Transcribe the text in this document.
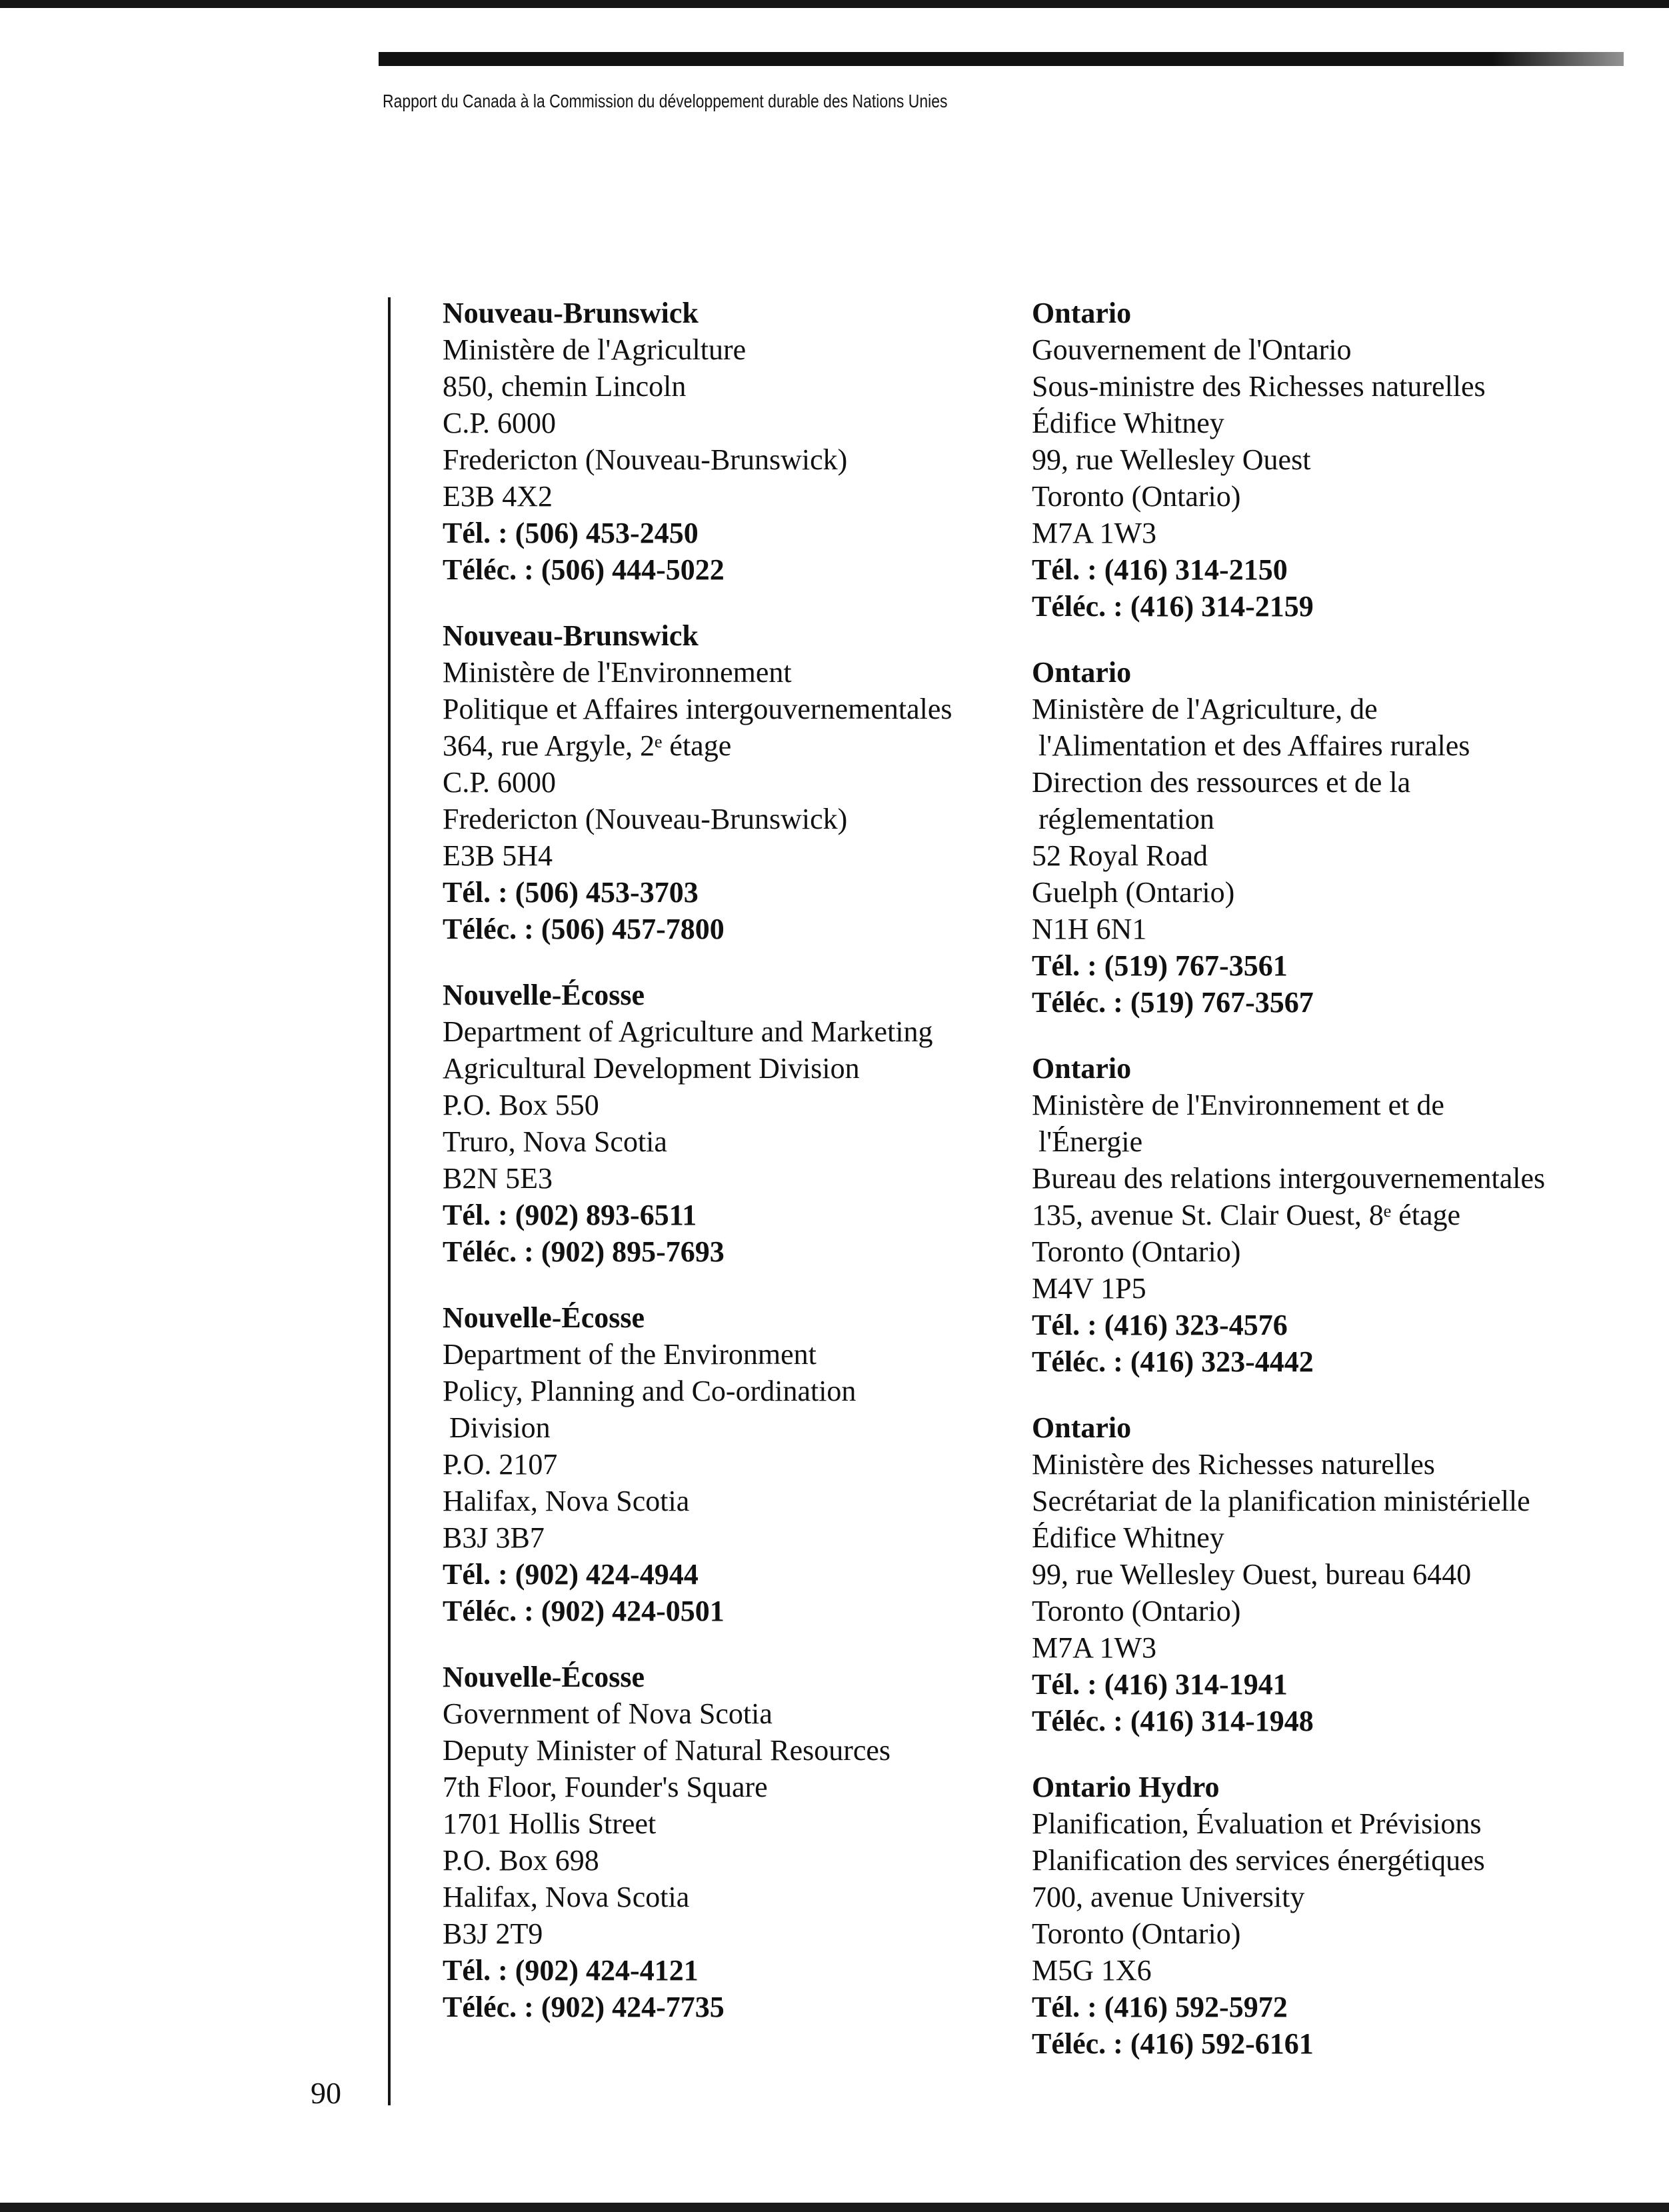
Rapport du Canada à la Commission du développement durable des Nations Unies
Nouveau-Brunswick
Ministère de l'Agriculture
850, chemin Lincoln
C.P. 6000
Fredericton (Nouveau-Brunswick)
E3B 4X2
Tél. : (506) 453-2450
Téléc. : (506) 444-5022
Nouveau-Brunswick
Ministère de l'Environnement
Politique et Affaires intergouvernementales
364, rue Argyle, 2ᵉ étage
C.P. 6000
Fredericton (Nouveau-Brunswick)
E3B 5H4
Tél. : (506) 453-3703
Téléc. : (506) 457-7800
Nouvelle-Écosse
Department of Agriculture and Marketing
Agricultural Development Division
P.O. Box 550
Truro, Nova Scotia
B2N 5E3
Tél. : (902) 893-6511
Téléc. : (902) 895-7693
Nouvelle-Écosse
Department of the Environment
Policy, Planning and Co-ordination
Division
P.O. 2107
Halifax, Nova Scotia
B3J 3B7
Tél. : (902) 424-4944
Téléc. : (902) 424-0501
Nouvelle-Écosse
Government of Nova Scotia
Deputy Minister of Natural Resources
7th Floor, Founder's Square
1701 Hollis Street
P.O. Box 698
Halifax, Nova Scotia
B3J 2T9
Tél. : (902) 424-4121
Téléc. : (902) 424-7735
Ontario
Gouvernement de l'Ontario
Sous-ministre des Richesses naturelles
Édifice Whitney
99, rue Wellesley Ouest
Toronto (Ontario)
M7A 1W3
Tél. : (416) 314-2150
Téléc. : (416) 314-2159
Ontario
Ministère de l'Agriculture, de
l'Alimentation et des Affaires rurales
Direction des ressources et de la
réglementation
52 Royal Road
Guelph (Ontario)
N1H 6N1
Tél. : (519) 767-3561
Téléc. : (519) 767-3567
Ontario
Ministère de l'Environnement et de
l'Énergie
Bureau des relations intergouvernementales
135, avenue St. Clair Ouest, 8ᵉ étage
Toronto (Ontario)
M4V 1P5
Tél. : (416) 323-4576
Téléc. : (416) 323-4442
Ontario
Ministère des Richesses naturelles
Secrétariat de la planification ministérielle
Édifice Whitney
99, rue Wellesley Ouest, bureau 6440
Toronto (Ontario)
M7A 1W3
Tél. : (416) 314-1941
Téléc. : (416) 314-1948
Ontario Hydro
Planification, Évaluation et Prévisions
Planification des services énergétiques
700, avenue University
Toronto (Ontario)
M5G 1X6
Tél. : (416) 592-5972
Téléc. : (416) 592-6161
90
